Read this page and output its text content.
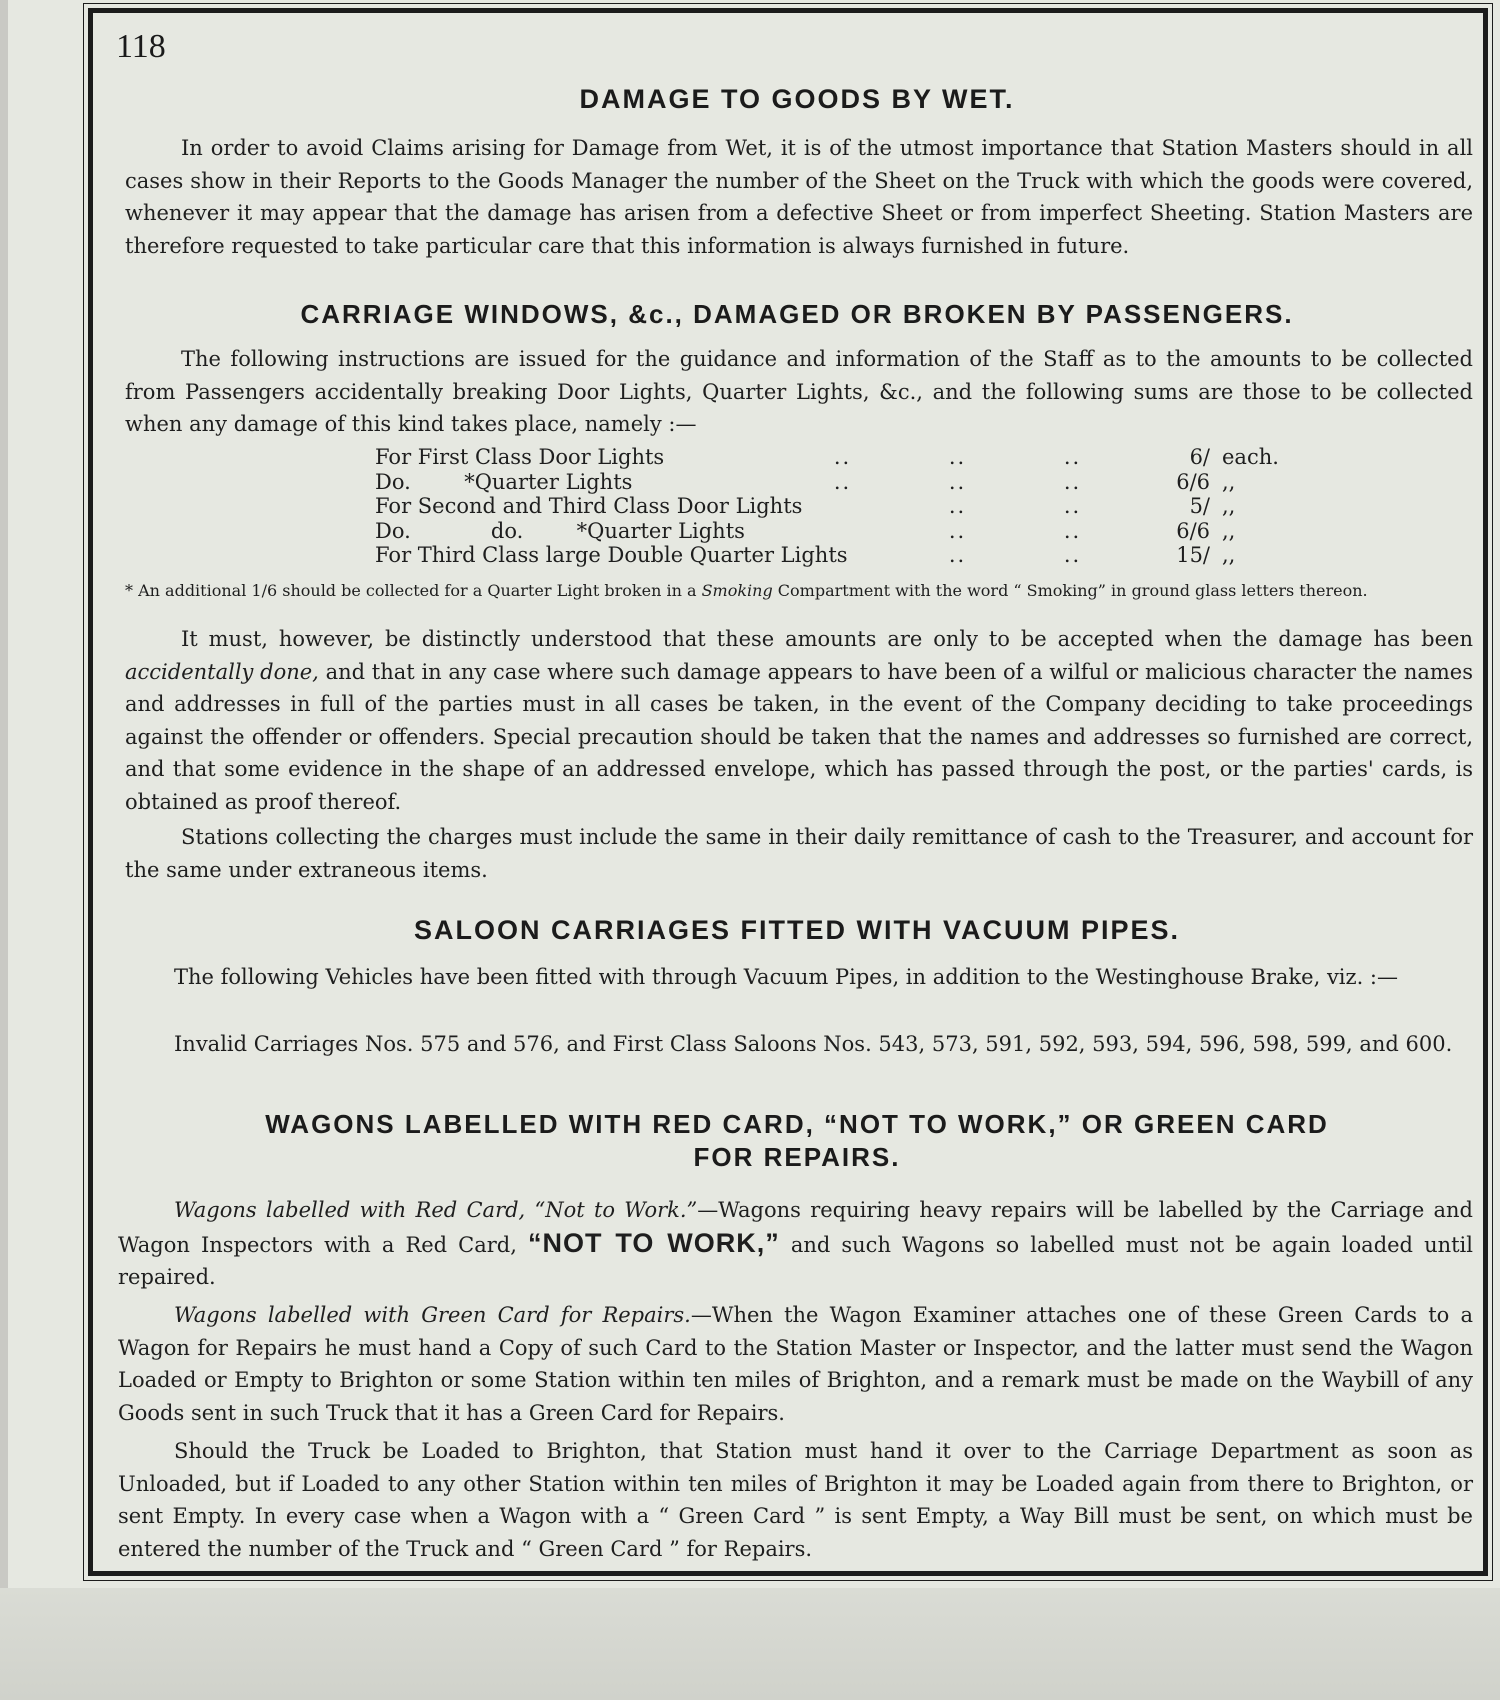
118
DAMAGE TO GOODS BY WET.

In order to avoid Claims arising for Damage from Wet, it is of the utmost importance that Station Masters should in all cases show in their Reports to the Goods Manager the number of the Sheet on the Truck with which the goods were covered, whenever it may appear that the damage has arisen from a defective Sheet or from imperfect Sheeting. Station Masters are therefore requested to take particular care that this information is always furnished in future.

CARRIAGE WINDOWS, &c., DAMAGED OR BROKEN BY PASSENGERS.

The following instructions are issued for the guidance and information of the Staff as to the amounts to be collected from Passengers accidentally breaking Door Lights, Quarter Lights, &c., and the following sums are those to be collected when any damage of this kind takes place, namely :—

For First Class Door Lights	..	..	..	6/	each.
Do.        *Quarter Lights	..	..	..	6/6	,,
For Second and Third Class Door Lights		..	..	5/	,,
Do.            do.        *Quarter Lights		..	..	6/6	,,
For Third Class large Double Quarter Lights		..	..	15/	,,

* An additional 1/6 should be collected for a Quarter Light broken in a Smoking Compartment with the word “ Smoking” in ground glass letters thereon.

It must, however, be distinctly understood that these amounts are only to be accepted when the damage has been accidentally done, and that in any case where such damage appears to have been of a wilful or malicious character the names and addresses in full of the parties must in all cases be taken, in the event of the Company deciding to take proceedings against the offender or offenders. Special precaution should be taken that the names and addresses so furnished are correct, and that some evidence in the shape of an addressed envelope, which has passed through the post, or the parties' cards, is obtained as proof thereof.

Stations collecting the charges must include the same in their daily remittance of cash to the Treasurer, and account for the same under extraneous items.

SALOON CARRIAGES FITTED WITH VACUUM PIPES.

The following Vehicles have been fitted with through Vacuum Pipes, in addition to the Westinghouse Brake, viz. :—

Invalid Carriages Nos. 575 and 576, and First Class Saloons Nos. 543, 573, 591, 592, 593, 594, 596, 598, 599, and 600.

WAGONS LABELLED WITH RED CARD, “NOT TO WORK,” OR GREEN CARD
FOR REPAIRS.

Wagons labelled with Red Card, “Not to Work.”—Wagons requiring heavy repairs will be labelled by the Carriage and Wagon Inspectors with a Red Card, “NOT TO WORK,” and such Wagons so labelled must not be again loaded until repaired.

Wagons labelled with Green Card for Repairs.—When the Wagon Examiner attaches one of these Green Cards to a Wagon for Repairs he must hand a Copy of such Card to the Station Master or Inspector, and the latter must send the Wagon Loaded or Empty to Brighton or some Station within ten miles of Brighton, and a remark must be made on the Waybill of any Goods sent in such Truck that it has a Green Card for Repairs.

Should the Truck be Loaded to Brighton, that Station must hand it over to the Carriage Department as soon as Unloaded, but if Loaded to any other Station within ten miles of Brighton it may be Loaded again from there to Brighton, or sent Empty. In every case when a Wagon with a “ Green Card ” is sent Empty, a Way Bill must be sent, on which must be entered the number of the Truck and “ Green Card ” for Repairs.
